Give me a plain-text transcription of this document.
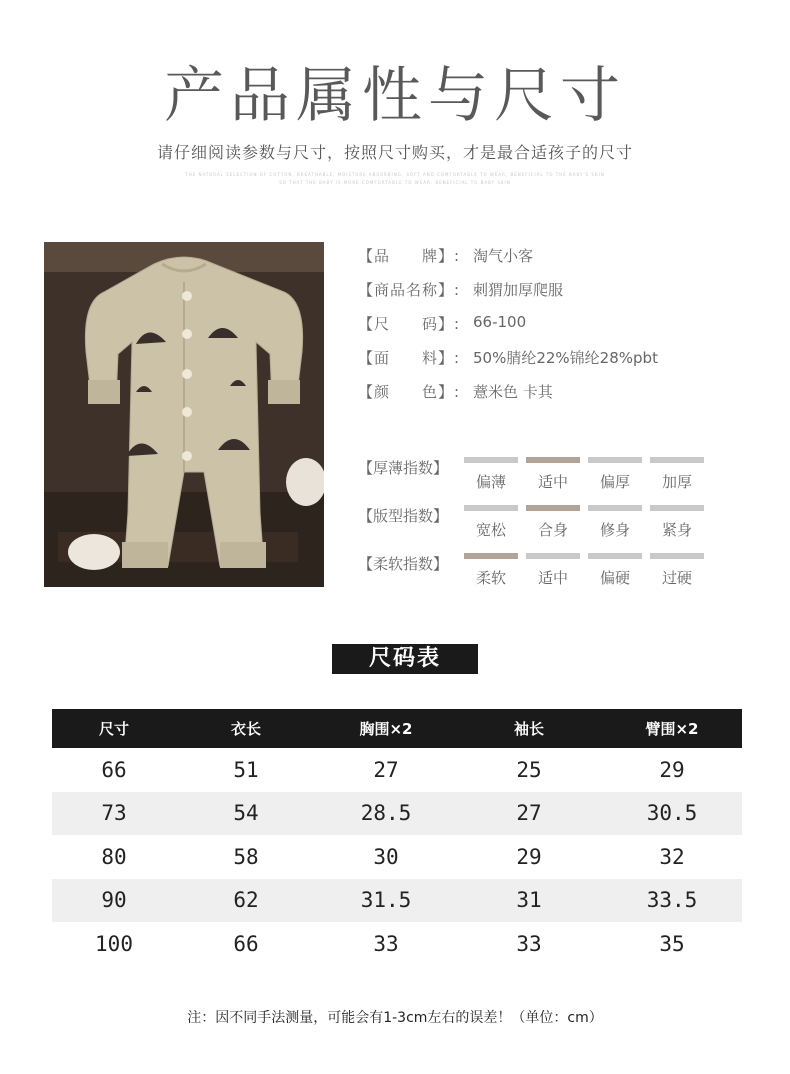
产品属性与尺寸
请仔细阅读参数与尺寸，按照尺寸购买，才是最合适孩子的尺寸
THE NATURAL SELECTION OF COTTON, BREATHABLE, MOISTURE ABSORBING, SOFT AND COMFORTABLE TO WEAR, BENEFICIAL TO THE BABY'S SKIN
SO THAT THE BABY IS MORE COMFORTABLE TO WEAR, BENEFICIAL TO BABY SKIN
【品　　牌】: 淘气小客
【商品名称】: 刺猬加厚爬服
【尺　　码】: 66-100
【面　　料】: 50%腈纶22%锦纶28%pbt
【颜　　色】: 薏米色 卡其
【厚薄指数】
偏薄	适中	偏厚	加厚
【版型指数】
宽松	合身	修身	紧身
【柔软指数】
柔软	适中	偏硬	过硬
尺码表
尺寸	衣长	胸围×2	袖长	臂围×2
66	51	27	25	29
73	54	28.5	27	30.5
80	58	30	29	32
90	62	31.5	31	33.5
100	66	33	33	35
注：因不同手法测量，可能会有1-3cm左右的误差！（单位：cm）
